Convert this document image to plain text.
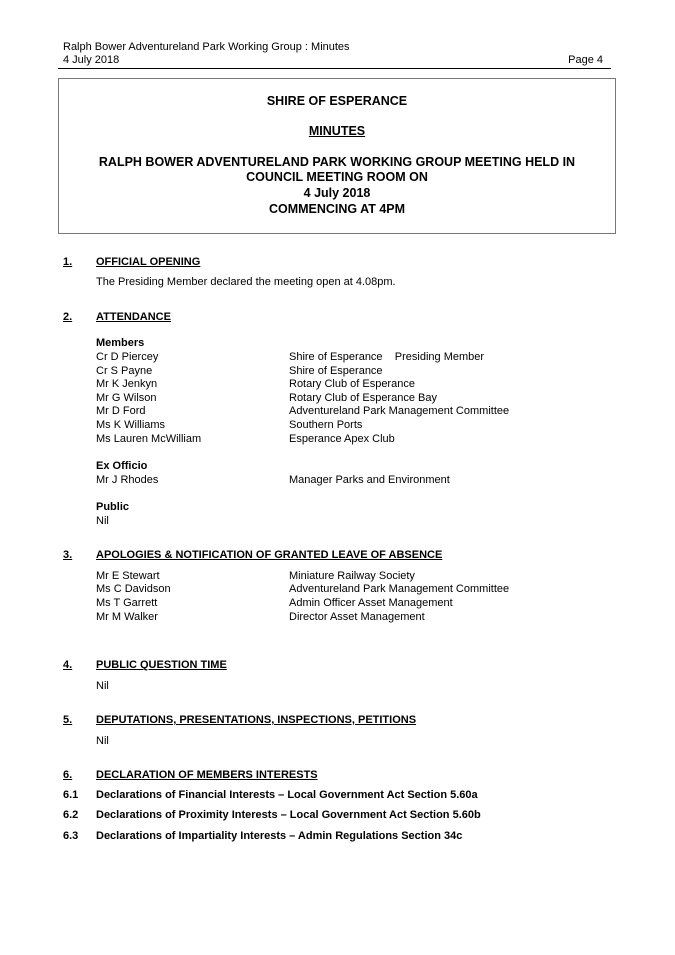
Ralph Bower Adventureland Park Working Group : Minutes
4 July 2018	Page 4
SHIRE OF ESPERANCE
MINUTES
RALPH BOWER ADVENTURELAND PARK WORKING GROUP MEETING HELD IN
COUNCIL MEETING ROOM ON
4 July 2018
COMMENCING AT 4PM
1. OFFICIAL OPENING
The Presiding Member declared the meeting open at 4.08pm.
2. ATTENDANCE
Members
Cr D Piercey	Shire of Esperance    Presiding Member
Cr S Payne	Shire of Esperance
Mr K Jenkyn	Rotary Club of Esperance
Mr G Wilson	Rotary Club of Esperance Bay
Mr D Ford	Adventureland Park Management Committee
Ms K Williams	Southern Ports
Ms Lauren McWilliam	Esperance Apex Club
Ex Officio
Mr J Rhodes	Manager Parks and Environment
Public
Nil
3. APOLOGIES & NOTIFICATION OF GRANTED LEAVE OF ABSENCE
Mr E Stewart	Miniature Railway Society
Ms C Davidson	Adventureland Park Management Committee
Ms T Garrett	Admin Officer Asset Management
Mr M Walker	Director Asset Management
4. PUBLIC QUESTION TIME
Nil
5. DEPUTATIONS, PRESENTATIONS, INSPECTIONS, PETITIONS
Nil
6. DECLARATION OF MEMBERS INTERESTS
6.1 Declarations of Financial Interests – Local Government Act Section 5.60a
6.2 Declarations of Proximity Interests – Local Government Act Section 5.60b
6.3 Declarations of Impartiality Interests – Admin Regulations Section 34c
